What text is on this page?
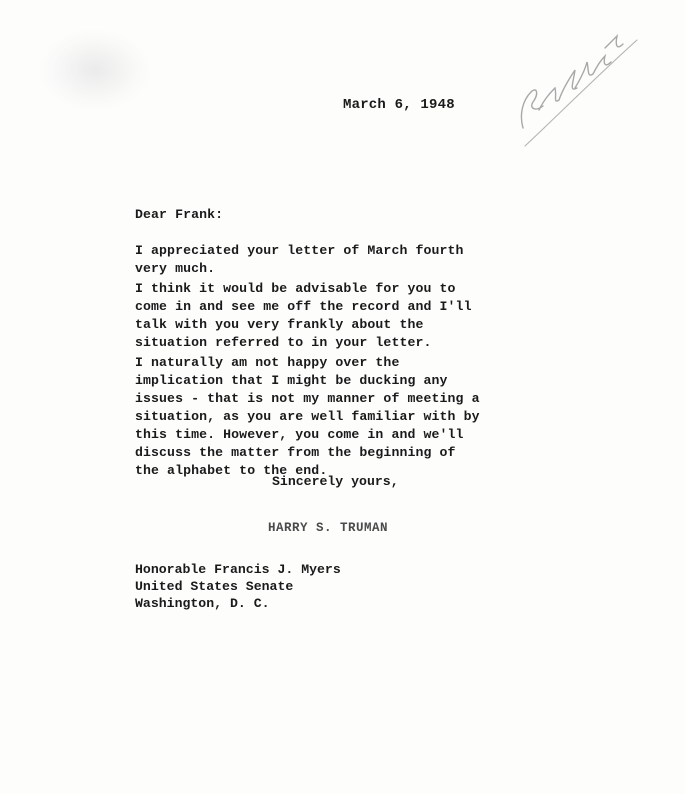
March 6, 1948
Dear Frank:
I appreciated your letter of March fourth very much.
I think it would be advisable for you to come in and see me off the record and I'll talk with you very frankly about the situation referred to in your letter.
I naturally am not happy over the implication that I might be ducking any issues - that is not my manner of meeting a situation, as you are well familiar with by this time. However, you come in and we'll discuss the matter from the beginning of the alphabet to the end.
Sincerely yours,
HARRY S. TRUMAN
Honorable Francis J. Myers
United States Senate
Washington, D. C.
